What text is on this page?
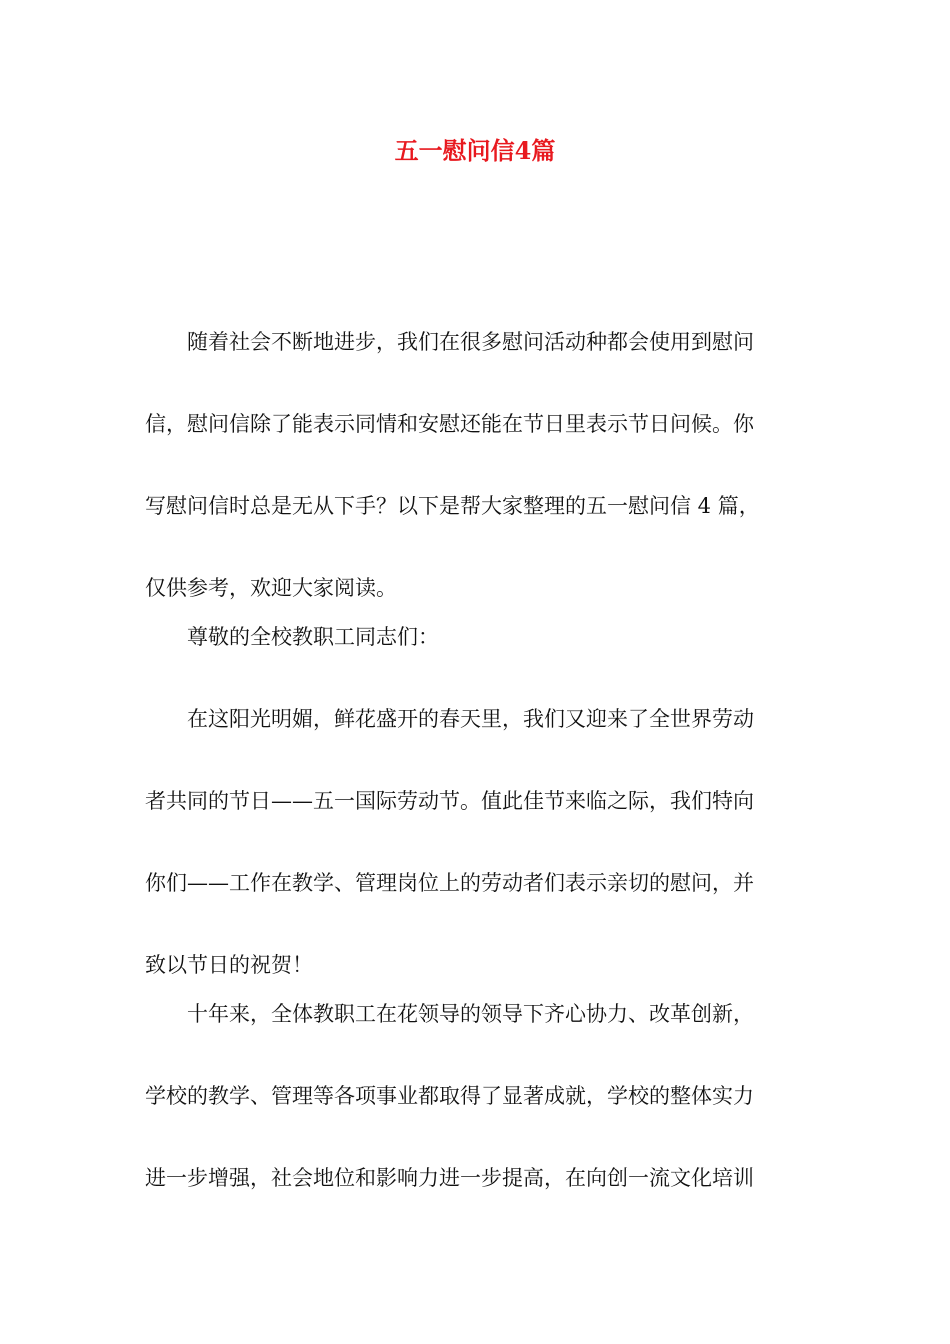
五一慰问信4篇
随着社会不断地进步，我们在很多慰问活动种都会使用到慰问
信，慰问信除了能表示同情和安慰还能在节日里表示节日问候。你
写慰问信时总是无从下手？以下是帮大家整理的五一慰问信 4 篇，
仅供参考，欢迎大家阅读。
尊敬的全校教职工同志们：
在这阳光明媚，鲜花盛开的春天里，我们又迎来了全世界劳动
者共同的节日——五一国际劳动节。值此佳节来临之际，我们特向
你们——工作在教学、管理岗位上的劳动者们表示亲切的慰问，并
致以节日的祝贺！
十年来，全体教职工在花领导的领导下齐心协力、改革创新，
学校的教学、管理等各项事业都取得了显著成就，学校的整体实力
进一步增强，社会地位和影响力进一步提高，在向创一流文化培训
